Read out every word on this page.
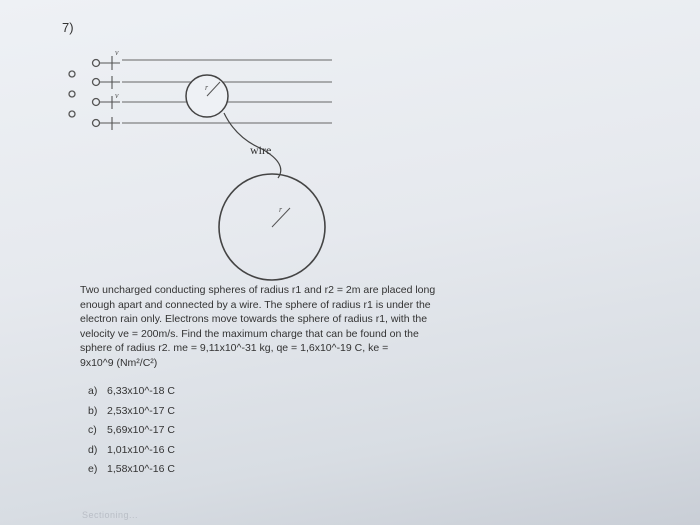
7)
v
v
r
r
wire

Two uncharged conducting spheres of radius r1 and r2 = 2m are placed long

enough apart and connected by a wire. The sphere of radius r1 is under the

electron rain only. Electrons move towards the sphere of radius r1, with the

velocity ve = 200m/s. Find the maximum charge that can be found on the

sphere of radius r2. me = 9,11x10^-31 kg, qe = 1,6x10^-19 C, ke =

9x10^9 (Nm²/C²)

a) 6,33x10^-18 C
b) 2,53x10^-17 C
c) 5,69x10^-17 C
d) 1,01x10^-16 C
e) 1,58x10^-16 C
Sectioning...
